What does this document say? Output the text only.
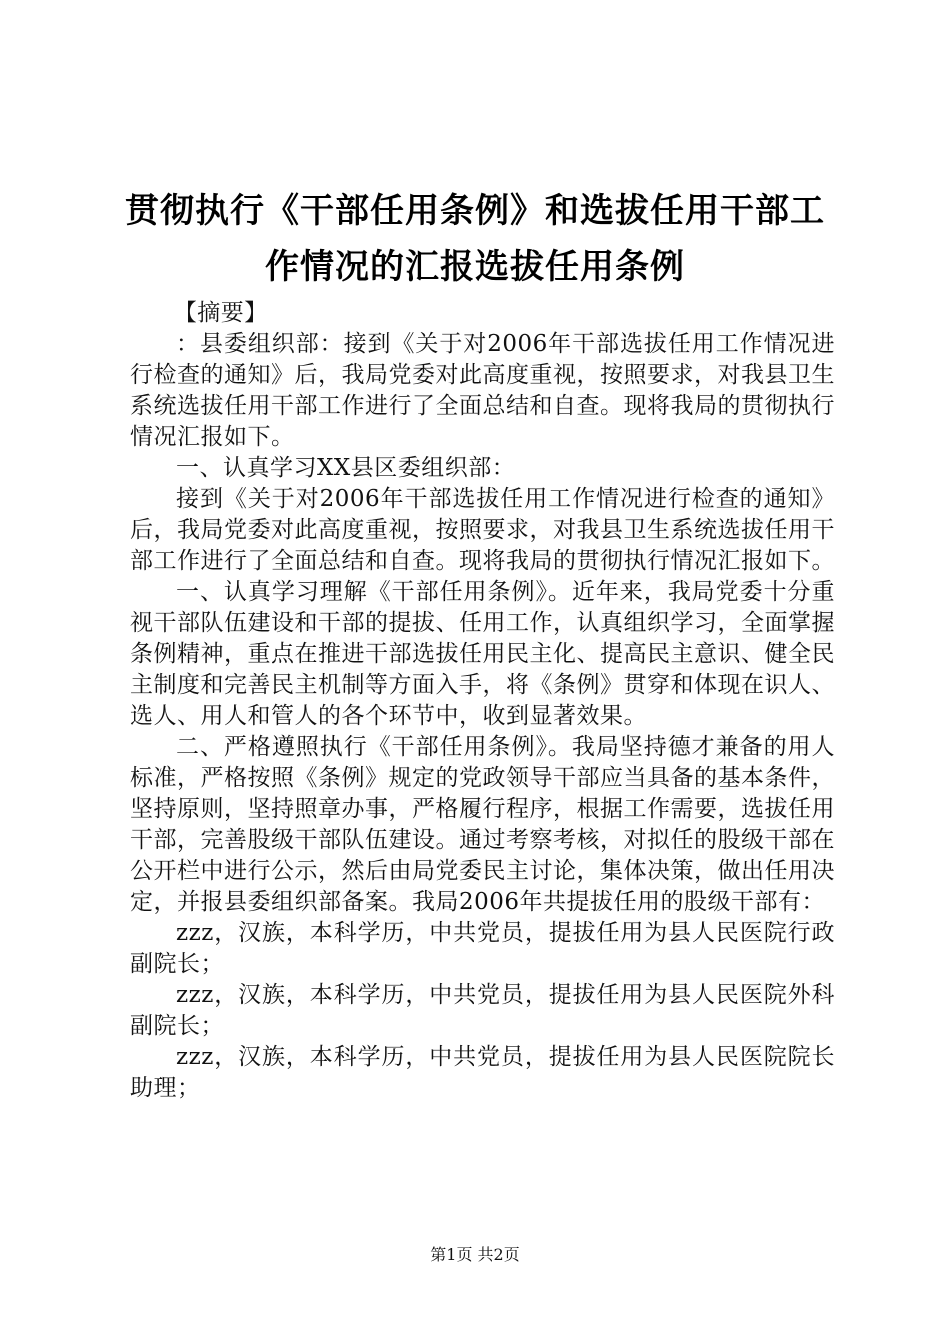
贯彻执行《干部任用条例》和选拔任用干部工
作情况的汇报选拔任用条例

【摘要】

：县委组织部：接到《关于对2006年干部选拔任用工作情况进行检查的通知》后，我局党委对此高度重视，按照要求，对我县卫生系统选拔任用干部工作进行了全面总结和自查。现将我局的贯彻执行情况汇报如下。

一、认真学习XX县区委组织部：

接到《关于对2006年干部选拔任用工作情况进行检查的通知》后，我局党委对此高度重视，按照要求，对我县卫生系统选拔任用干部工作进行了全面总结和自查。现将我局的贯彻执行情况汇报如下。

一、认真学习理解《干部任用条例》。近年来，我局党委十分重视干部队伍建设和干部的提拔、任用工作，认真组织学习，全面掌握条例精神，重点在推进干部选拔任用民主化、提高民主意识、健全民主制度和完善民主机制等方面入手，将《条例》贯穿和体现在识人、选人、用人和管人的各个环节中，收到显著效果。

二、严格遵照执行《干部任用条例》。我局坚持德才兼备的用人标准，严格按照《条例》规定的党政领导干部应当具备的基本条件，坚持原则，坚持照章办事，严格履行程序，根据工作需要，选拔任用干部，完善股级干部队伍建设。通过考察考核，对拟任的股级干部在公开栏中进行公示，然后由局党委民主讨论，集体决策，做出任用决定，并报县委组织部备案。我局2006年共提拔任用的股级干部有：

zzz，汉族，本科学历，中共党员，提拔任用为县人民医院行政副院长；

zzz，汉族，本科学历，中共党员，提拔任用为县人民医院外科副院长；

zzz，汉族，本科学历，中共党员，提拔任用为县人民医院院长助理；

第1页 共2页
